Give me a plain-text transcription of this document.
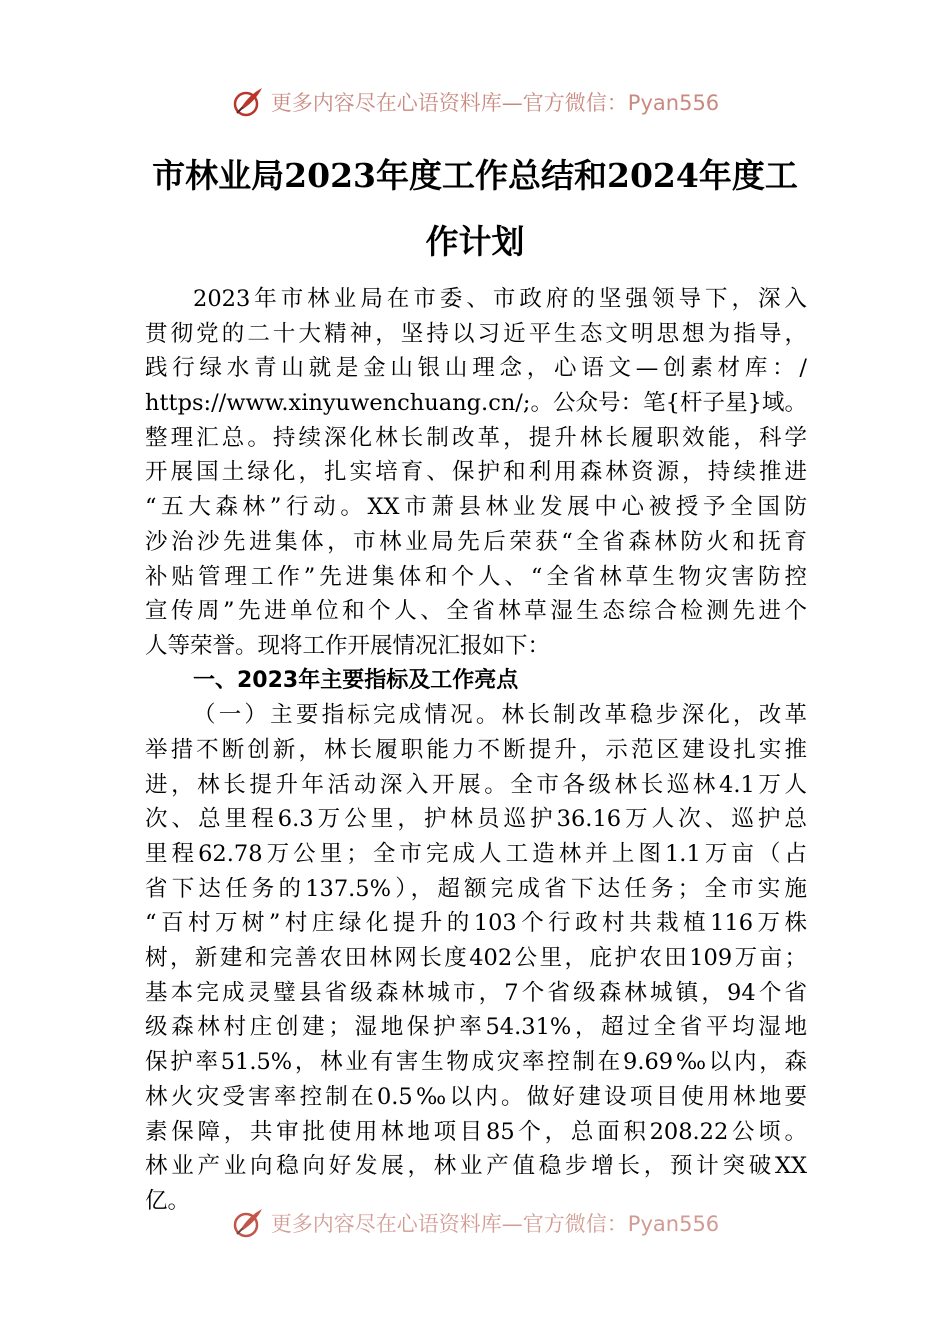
更多内容尽在心语资料库—官方微信：Pyan556
市林业局2023年度工作总结和2024年度工
作计划
2023年市林业局在市委、市政府的坚强领导下，深入
贯彻党的二十大精神，坚持以习近平生态文明思想为指导，
践行绿水青山就是金山银山理念，心语文—创素材库：/
https://www.xinyuwenchuang.cn/;。公众号：笔{杆子星}域。
整理汇总。持续深化林长制改革，提升林长履职效能，科学
开展国土绿化，扎实培育、保护和利用森林资源，持续推进
“五大森林”行动。XX市萧县林业发展中心被授予全国防
沙治沙先进集体，市林业局先后荣获“全省森林防火和抚育
补贴管理工作”先进集体和个人、“全省林草生物灾害防控
宣传周”先进单位和个人、全省林草湿生态综合检测先进个
人等荣誉。现将工作开展情况汇报如下：
一、2023年主要指标及工作亮点
（一）主要指标完成情况。林长制改革稳步深化，改革
举措不断创新，林长履职能力不断提升，示范区建设扎实推
进，林长提升年活动深入开展。全市各级林长巡林4.1万人
次、总里程6.3万公里，护林员巡护36.16万人次、巡护总
里程62.78万公里；全市完成人工造林并上图1.1万亩（占
省下达任务的137.5%），超额完成省下达任务；全市实施
“百村万树”村庄绿化提升的103个行政村共栽植116万株
树，新建和完善农田林网长度402公里，庇护农田109万亩；
基本完成灵璧县省级森林城市，7个省级森林城镇，94个省
级森林村庄创建；湿地保护率54.31%，超过全省平均湿地
保护率51.5%，林业有害生物成灾率控制在9.69‰以内，森
林火灾受害率控制在0.5‰以内。做好建设项目使用林地要
素保障，共审批使用林地项目85个，总面积208.22公顷。
林业产业向稳向好发展，林业产值稳步增长，预计突破XX
亿。
更多内容尽在心语资料库—官方微信：Pyan556
